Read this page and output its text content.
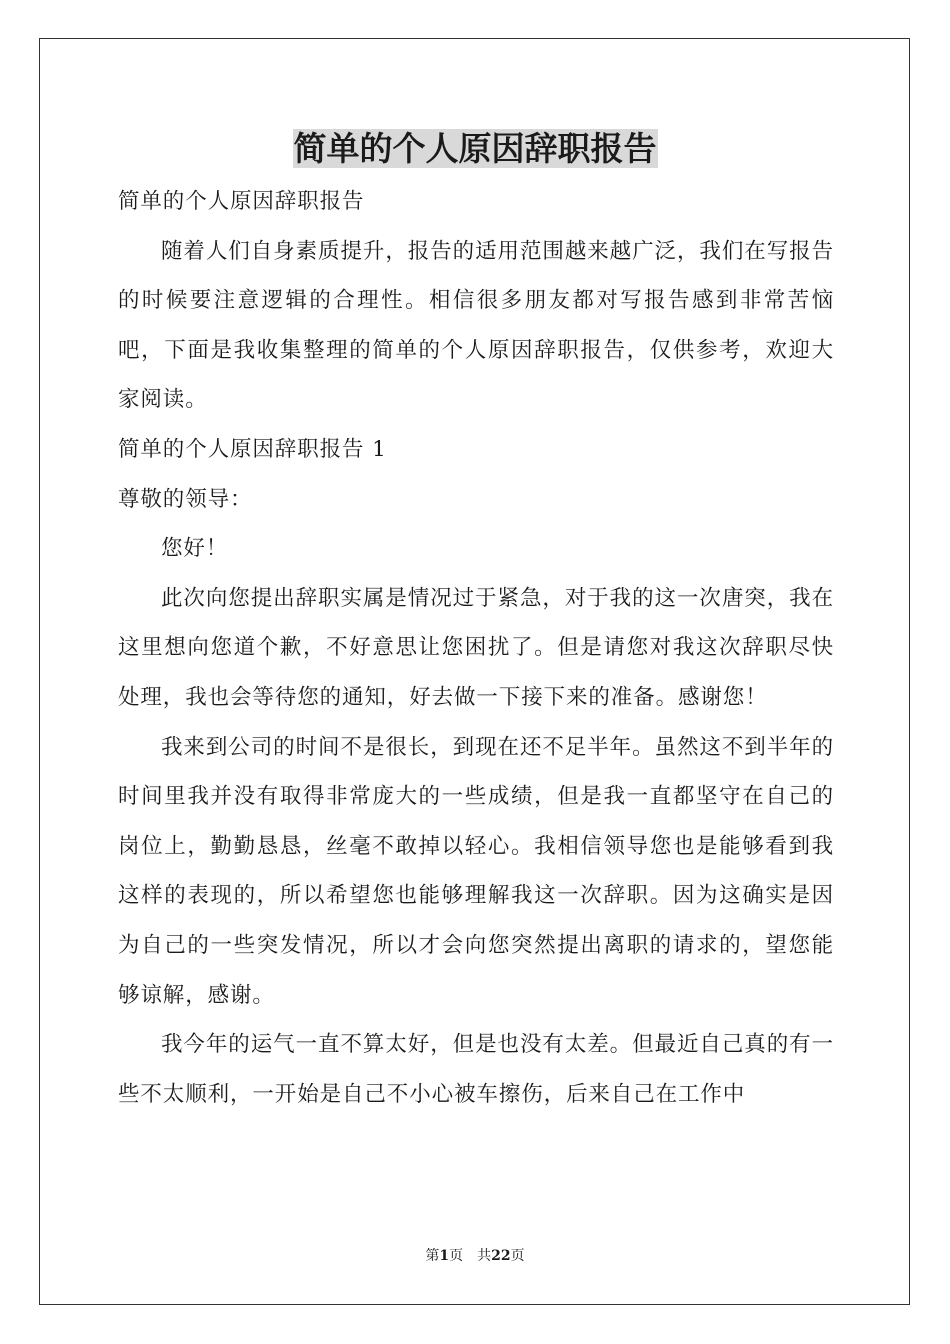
简单的个人原因辞职报告

简单的个人原因辞职报告

随着人们自身素质提升，报告的适用范围越来越广泛，我们在写报告的时候要注意逻辑的合理性。相信很多朋友都对写报告感到非常苦恼吧，下面是我收集整理的简单的个人原因辞职报告，仅供参考，欢迎大家阅读。

简单的个人原因辞职报告 1

尊敬的领导：

您好！

此次向您提出辞职实属是情况过于紧急，对于我的这一次唐突，我在这里想向您道个歉，不好意思让您困扰了。但是请您对我这次辞职尽快处理，我也会等待您的通知，好去做一下接下来的准备。感谢您！

我来到公司的时间不是很长，到现在还不足半年。虽然这不到半年的时间里我并没有取得非常庞大的一些成绩，但是我一直都坚守在自己的岗位上，勤勤恳恳，丝毫不敢掉以轻心。我相信领导您也是能够看到我这样的表现的，所以希望您也能够理解我这一次辞职。因为这确实是因为自己的一些突发情况，所以才会向您突然提出离职的请求的，望您能够谅解，感谢。

我今年的运气一直不算太好，但是也没有太差。但最近自己真的有一些不太顺利，一开始是自己不小心被车擦伤，后来自己在工作中

第1页 共22页
